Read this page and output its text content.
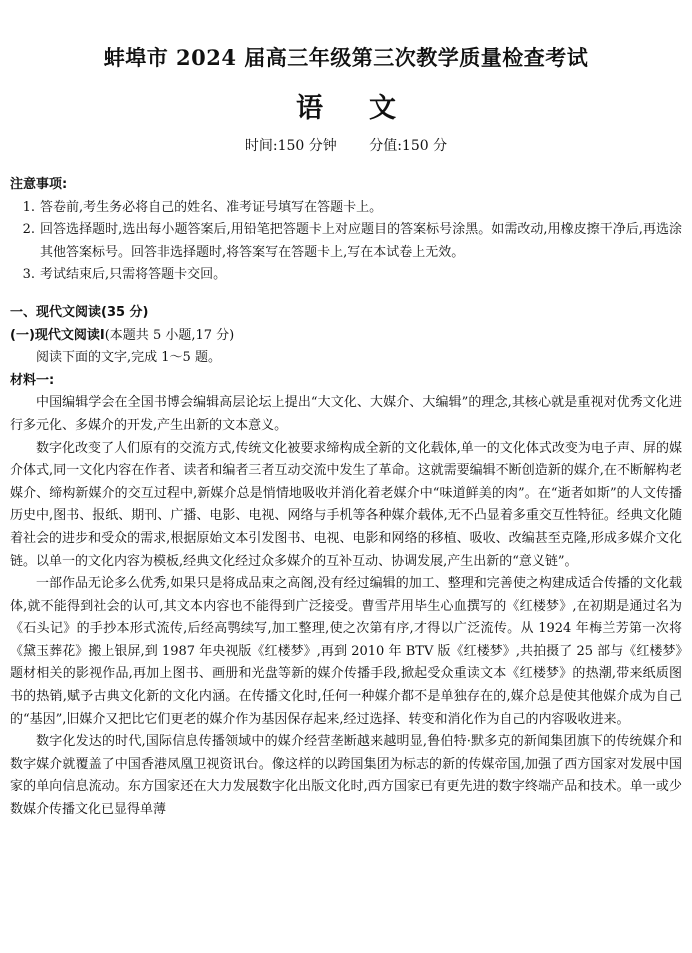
蚌埠市 2024 届高三年级第三次教学质量检查考试
语文
时间:150 分钟 分值:150 分
注意事项:
1. 答卷前,考生务必将自己的姓名、准考证号填写在答题卡上。
2. 回答选择题时,选出每小题答案后,用铅笔把答题卡上对应题目的答案标号涂黑。如需改动,用橡皮擦干净后,再选涂其他答案标号。回答非选择题时,将答案写在答题卡上,写在本试卷上无效。
3. 考试结束后,只需将答题卡交回。
一、现代文阅读(35 分)
(一)现代文阅读Ⅰ(本题共 5 小题,17 分)

阅读下面的文字,完成 1～5 题。

材料一:

中国编辑学会在全国书博会编辑高层论坛上提出“大文化、大媒介、大编辑”的理念,其核心就是重视对优秀文化进行多元化、多媒介的开发,产生出新的文本意义。

数字化改变了人们原有的交流方式,传统文化被要求缔构成全新的文化载体,单一的文化体式改变为电子声、屏的媒介体式,同一文化内容在作者、读者和编者三者互动交流中发生了革命。这就需要编辑不断创造新的媒介,在不断解构老媒介、缔构新媒介的交互过程中,新媒介总是悄情地吸收并消化着老媒介中“味道鲜美的肉”。在“逝者如斯”的人文传播历史中,图书、报纸、期刊、广播、电影、电视、网络与手机等各种媒介载体,无不凸显着多重交互性特征。经典文化随着社会的进步和受众的需求,根据原始文本引发图书、电视、电影和网络的移植、吸收、改编甚至克隆,形成多媒介文化链。以单一的文化内容为模板,经典文化经过众多媒介的互补互动、协调发展,产生出新的“意义链”。

一部作品无论多么优秀,如果只是将成品束之高阁,没有经过编辑的加工、整理和完善使之构建成适合传播的文化载体,就不能得到社会的认可,其文本内容也不能得到广泛接受。曹雪芹用毕生心血撰写的《红楼梦》,在初期是通过名为《石头记》的手抄本形式流传,后经高鹗续写,加工整理,使之次第有序,才得以广泛流传。从 1924 年梅兰芳第一次将《黛玉葬花》搬上银屏,到 1987 年央视版《红楼梦》,再到 2010 年 BTV 版《红楼梦》,共拍摄了 25 部与《红楼梦》题材相关的影视作品,再加上图书、画册和光盘等新的媒介传播手段,掀起受众重读文本《红楼梦》的热潮,带来纸质图书的热销,赋予古典文化新的文化内涵。在传播文化时,任何一种媒介都不是单独存在的,媒介总是使其他媒介成为自己的“基因”,旧媒介又把比它们更老的媒介作为基因保存起来,经过选择、转变和消化作为自己的内容吸收进来。

数字化发达的时代,国际信息传播领域中的媒介经营垄断越来越明显,鲁伯特·默多克的新闻集团旗下的传统媒介和数字媒介就覆盖了中国香港凤凰卫视资讯台。像这样的以跨国集团为标志的新的传媒帝国,加强了西方国家对发展中国家的单向信息流动。东方国家还在大力发展数字化出版文化时,西方国家已有更先进的数字终端产品和技术。单一或少数媒介传播文化已显得单薄
